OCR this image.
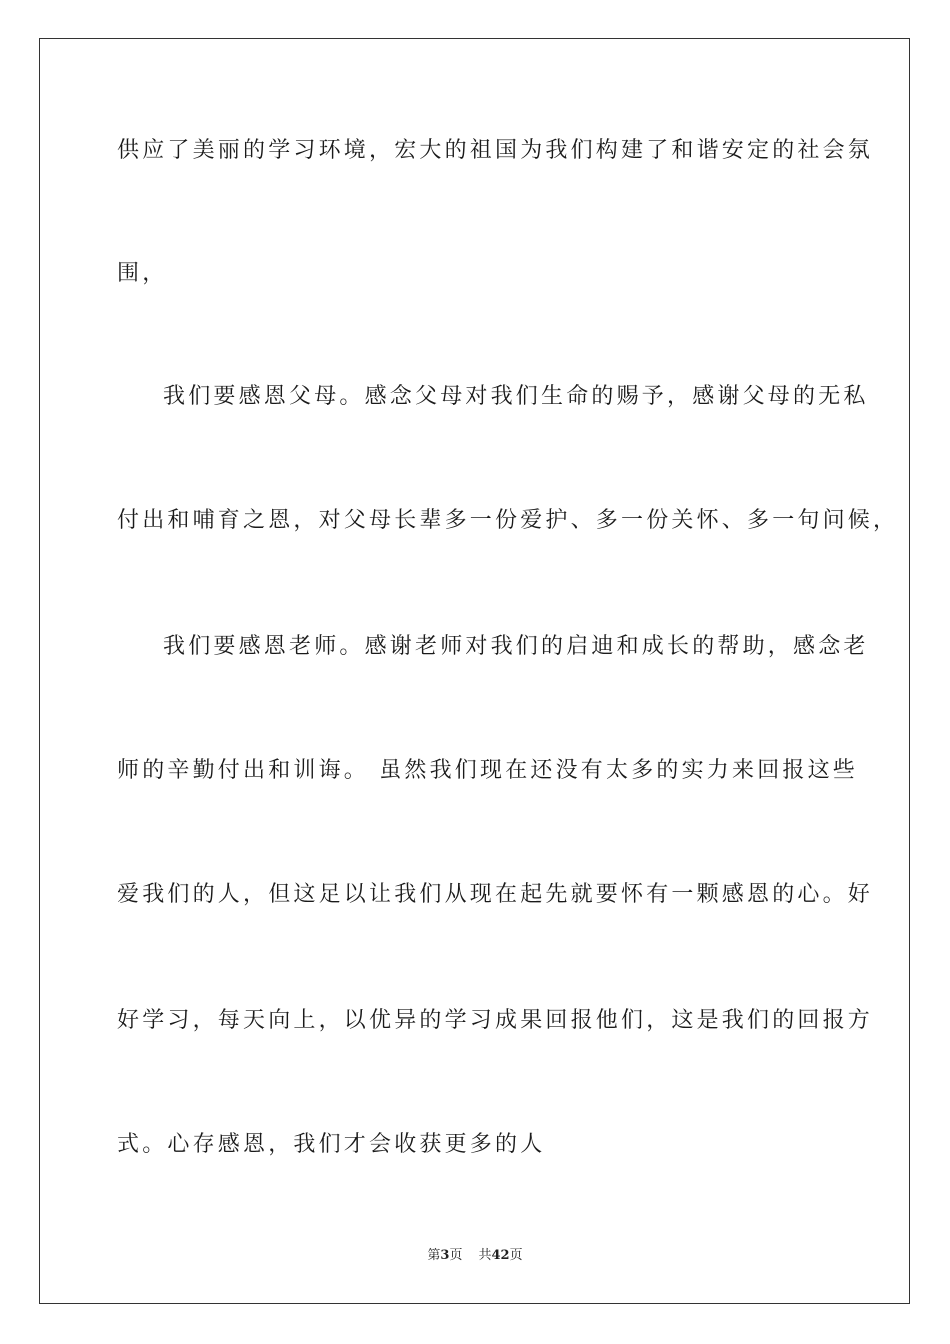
供应了美丽的学习环境，宏大的祖国为我们构建了和谐安定的社会氛
围，
我们要感恩父母。感念父母对我们生命的赐予，感谢父母的无私
付出和哺育之恩，对父母长辈多一份爱护、多一份关怀、多一句问候，
我们要感恩老师。感谢老师对我们的启迪和成长的帮助，感念老
师的辛勤付出和训诲。 虽然我们现在还没有太多的实力来回报这些
爱我们的人，但这足以让我们从现在起先就要怀有一颗感恩的心。好
好学习，每天向上，以优异的学习成果回报他们，这是我们的回报方
式。心存感恩，我们才会收获更多的人
第3页 共42页
